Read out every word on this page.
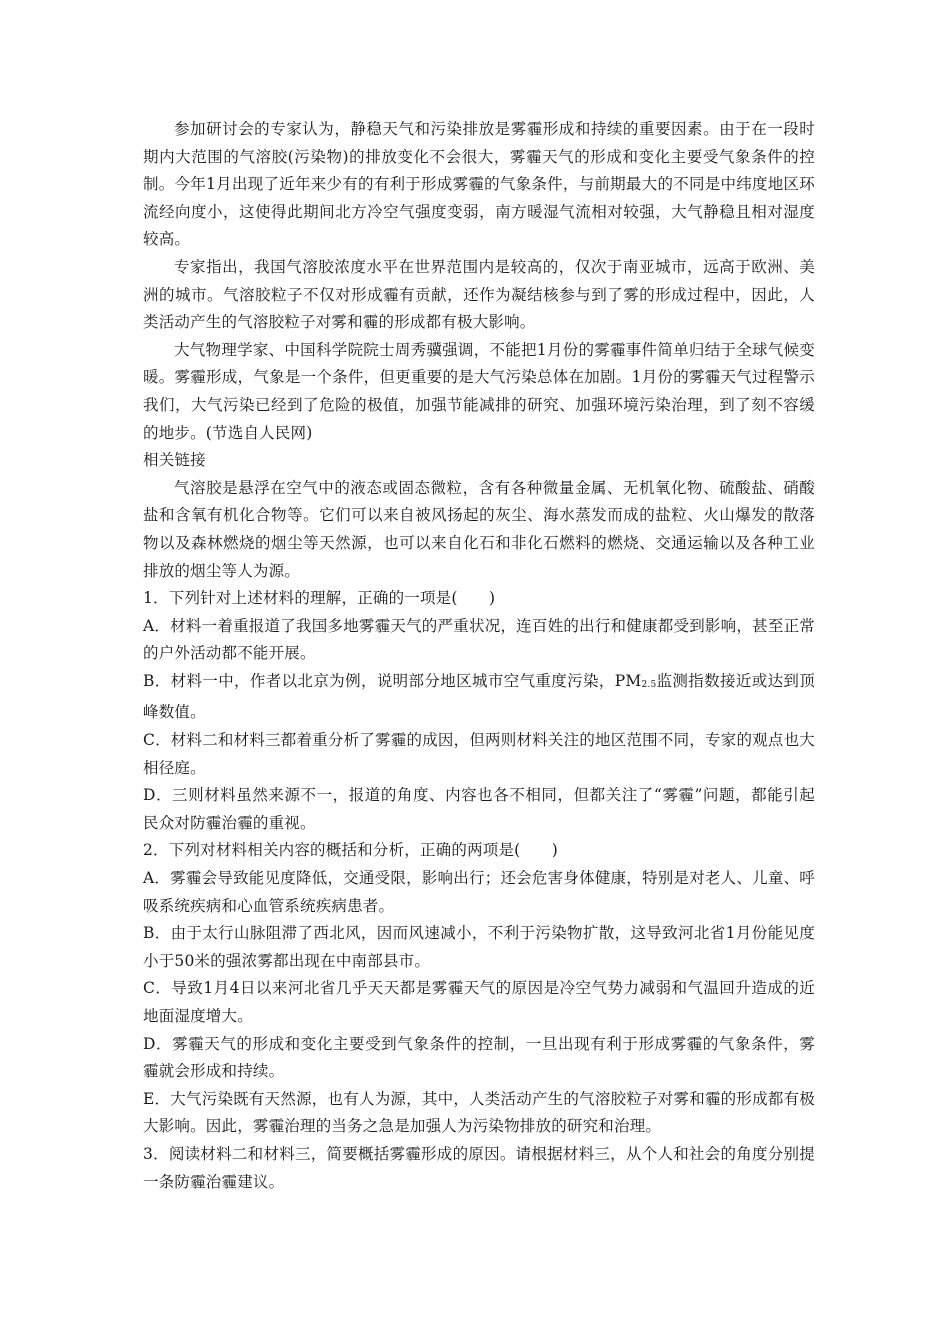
参加研讨会的专家认为，静稳天气和污染排放是雾霾形成和持续的重要因素。由于在一段时期内大范围的气溶胶(污染物)的排放变化不会很大，雾霾天气的形成和变化主要受气象条件的控制。今年1月出现了近年来少有的有利于形成雾霾的气象条件，与前期最大的不同是中纬度地区环流经向度小，这使得此期间北方冷空气强度变弱，南方暖湿气流相对较强，大气静稳且相对湿度较高。

专家指出，我国气溶胶浓度水平在世界范围内是较高的，仅次于南亚城市，远高于欧洲、美洲的城市。气溶胶粒子不仅对形成霾有贡献，还作为凝结核参与到了雾的形成过程中，因此，人类活动产生的气溶胶粒子对雾和霾的形成都有极大影响。

大气物理学家、中国科学院院士周秀骥强调，不能把1月份的雾霾事件简单归结于全球气候变暖。雾霾形成，气象是一个条件，但更重要的是大气污染总体在加剧。1月份的雾霾天气过程警示我们，大气污染已经到了危险的极值，加强节能减排的研究、加强环境污染治理，到了刻不容缓的地步。(节选自人民网)

相关链接

气溶胶是悬浮在空气中的液态或固态微粒，含有各种微量金属、无机氧化物、硫酸盐、硝酸盐和含氧有机化合物等。它们可以来自被风扬起的灰尘、海水蒸发而成的盐粒、火山爆发的散落物以及森林燃烧的烟尘等天然源，也可以来自化石和非化石燃料的燃烧、交通运输以及各种工业排放的烟尘等人为源。

1．下列针对上述材料的理解，正确的一项是(　　)

A．材料一着重报道了我国多地雾霾天气的严重状况，连百姓的出行和健康都受到影响，甚至正常的户外活动都不能开展。

B．材料一中，作者以北京为例，说明部分地区城市空气重度污染，PM2.5监测指数接近或达到顶峰数值。

C．材料二和材料三都着重分析了雾霾的成因，但两则材料关注的地区范围不同，专家的观点也大相径庭。

D．三则材料虽然来源不一，报道的角度、内容也各不相同，但都关注了“雾霾”问题，都能引起民众对防霾治霾的重视。

2．下列对材料相关内容的概括和分析，正确的两项是(　　)

A．雾霾会导致能见度降低，交通受限，影响出行；还会危害身体健康，特别是对老人、儿童、呼吸系统疾病和心血管系统疾病患者。

B．由于太行山脉阻滞了西北风，因而风速减小，不利于污染物扩散，这导致河北省1月份能见度小于50米的强浓雾都出现在中南部县市。

C．导致1月4日以来河北省几乎天天都是雾霾天气的原因是冷空气势力减弱和气温回升造成的近地面湿度增大。

D．雾霾天气的形成和变化主要受到气象条件的控制，一旦出现有利于形成雾霾的气象条件，雾霾就会形成和持续。

E．大气污染既有天然源，也有人为源，其中，人类活动产生的气溶胶粒子对雾和霾的形成都有极大影响。因此，雾霾治理的当务之急是加强人为污染物排放的研究和治理。

3．阅读材料二和材料三，简要概括雾霾形成的原因。请根据材料三，从个人和社会的角度分别提一条防霾治霾建议。
